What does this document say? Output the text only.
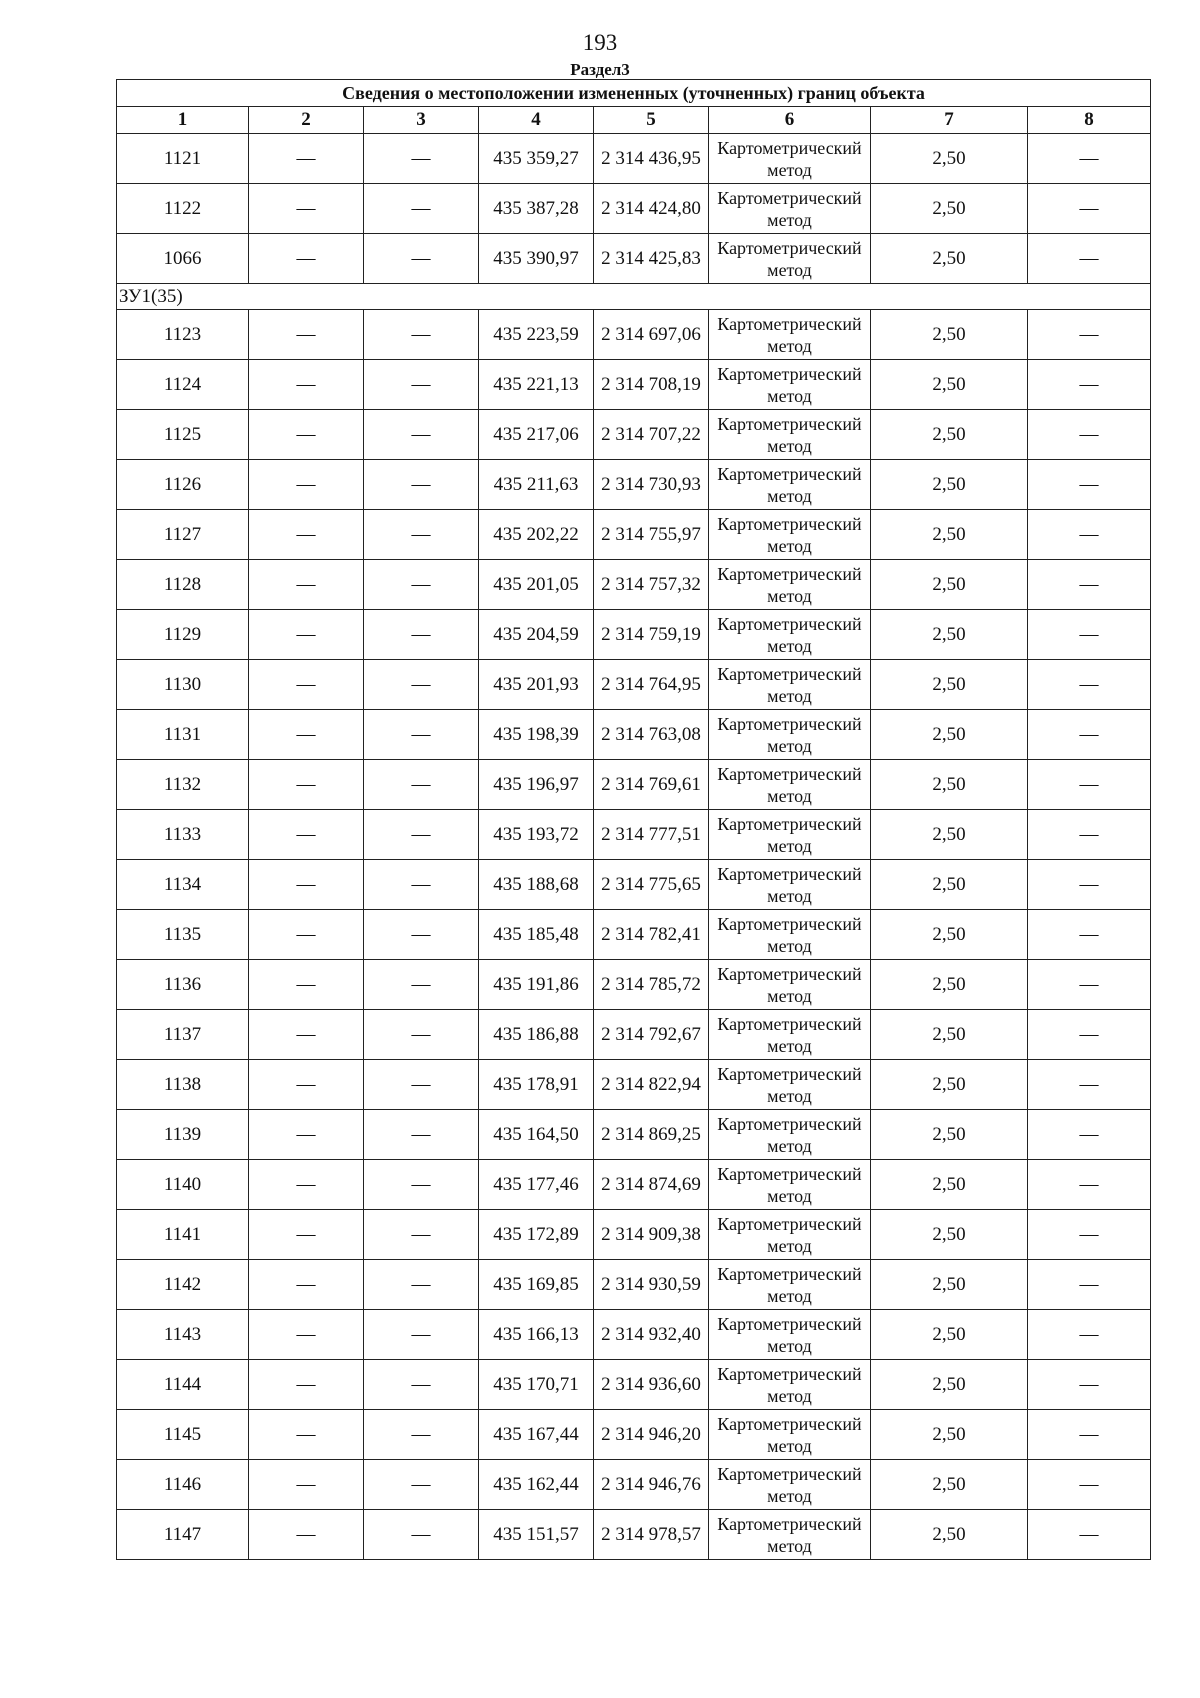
193
Раздел3
Сведения о местоположении измененных (уточненных) границ объекта							
1	2	3	4	5	6	7	8
1121	—	—	435 359,27	2 314 436,95	Картометрический метод	2,50	—
1122	—	—	435 387,28	2 314 424,80	Картометрический метод	2,50	—
1066	—	—	435 390,97	2 314 425,83	Картометрический метод	2,50	—
ЗУ1(35)							
1123	—	—	435 223,59	2 314 697,06	Картометрический метод	2,50	—
1124	—	—	435 221,13	2 314 708,19	Картометрический метод	2,50	—
1125	—	—	435 217,06	2 314 707,22	Картометрический метод	2,50	—
1126	—	—	435 211,63	2 314 730,93	Картометрический метод	2,50	—
1127	—	—	435 202,22	2 314 755,97	Картометрический метод	2,50	—
1128	—	—	435 201,05	2 314 757,32	Картометрический метод	2,50	—
1129	—	—	435 204,59	2 314 759,19	Картометрический метод	2,50	—
1130	—	—	435 201,93	2 314 764,95	Картометрический метод	2,50	—
1131	—	—	435 198,39	2 314 763,08	Картометрический метод	2,50	—
1132	—	—	435 196,97	2 314 769,61	Картометрический метод	2,50	—
1133	—	—	435 193,72	2 314 777,51	Картометрический метод	2,50	—
1134	—	—	435 188,68	2 314 775,65	Картометрический метод	2,50	—
1135	—	—	435 185,48	2 314 782,41	Картометрический метод	2,50	—
1136	—	—	435 191,86	2 314 785,72	Картометрический метод	2,50	—
1137	—	—	435 186,88	2 314 792,67	Картометрический метод	2,50	—
1138	—	—	435 178,91	2 314 822,94	Картометрический метод	2,50	—
1139	—	—	435 164,50	2 314 869,25	Картометрический метод	2,50	—
1140	—	—	435 177,46	2 314 874,69	Картометрический метод	2,50	—
1141	—	—	435 172,89	2 314 909,38	Картометрический метод	2,50	—
1142	—	—	435 169,85	2 314 930,59	Картометрический метод	2,50	—
1143	—	—	435 166,13	2 314 932,40	Картометрический метод	2,50	—
1144	—	—	435 170,71	2 314 936,60	Картометрический метод	2,50	—
1145	—	—	435 167,44	2 314 946,20	Картометрический метод	2,50	—
1146	—	—	435 162,44	2 314 946,76	Картометрический метод	2,50	—
1147	—	—	435 151,57	2 314 978,57	Картометрический метод	2,50	—
